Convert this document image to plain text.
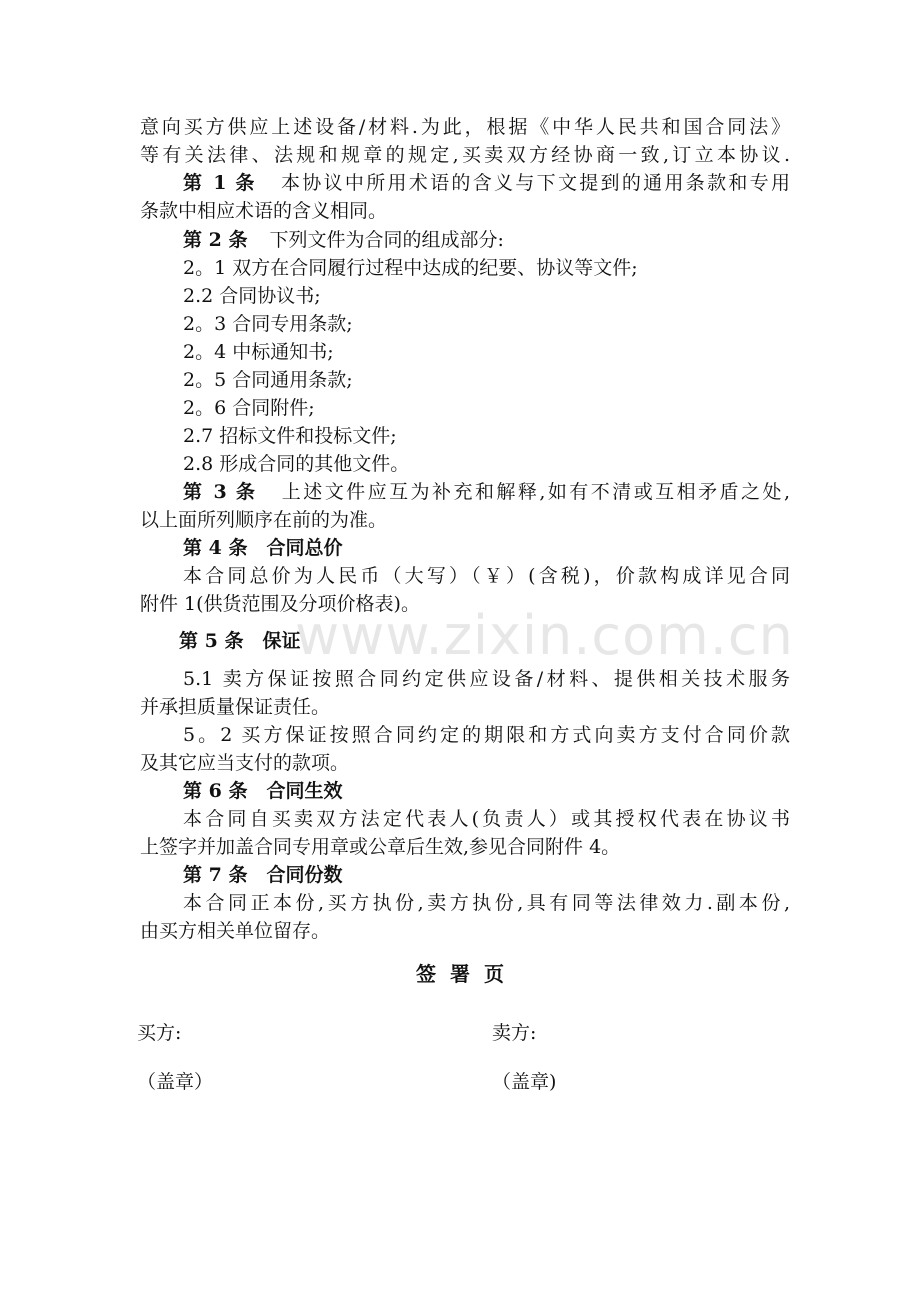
www.zixin.com.cn
意向买方供应上述设备/材料.为此，根据《中华人民共和国合同法》
等有关法律、法规和规章的规定,买卖双方经协商一致,订立本协议.
第 1 条 本协议中所用术语的含义与下文提到的通用条款和专用
条款中相应术语的含义相同。
第 2 条 下列文件为合同的组成部分:
2。1 双方在合同履行过程中达成的纪要、协议等文件;
2.2 合同协议书;
2。3 合同专用条款;
2。4 中标通知书;
2。5 合同通用条款;
2。6 合同附件;
2.7 招标文件和投标文件;
2.8 形成合同的其他文件。
第 3 条 上述文件应互为补充和解释,如有不清或互相矛盾之处,
以上面所列顺序在前的为准。
第 4 条　合同总价
本合同总价为人民币（大写）（￥）(含税)，价款构成详见合同
附件 1(供货范围及分项价格表)。
第 5 条　保证
5.1 卖方保证按照合同约定供应设备/材料、提供相关技术服务
并承担质量保证责任。
5。2 买方保证按照合同约定的期限和方式向卖方支付合同价款
及其它应当支付的款项。
第 6 条　合同生效
本合同自买卖双方法定代表人(负责人）或其授权代表在协议书
上签字并加盖合同专用章或公章后生效,参见合同附件 4。
第 7 条　合同份数
本合同正本份,买方执份,卖方执份,具有同等法律效力.副本份,
由买方相关单位留存。
签署页
买方:	卖方:
（盖章）	（盖章)
